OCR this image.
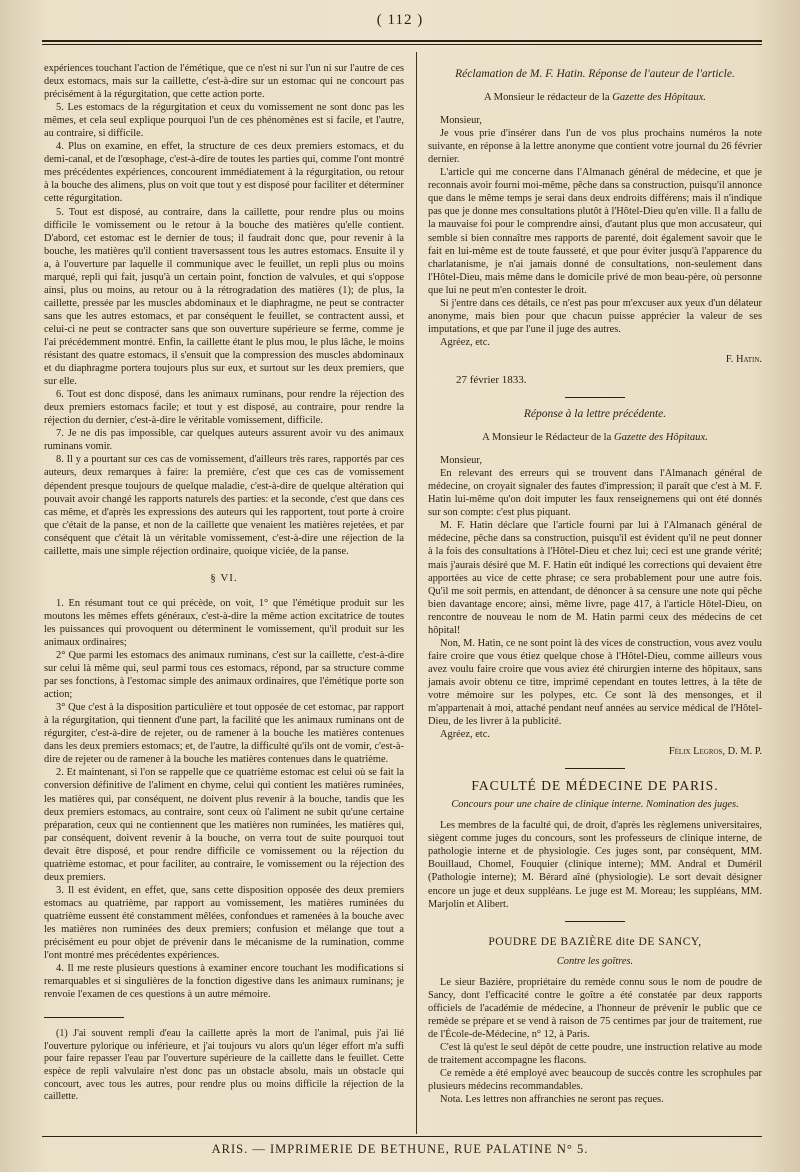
( 112 )

expériences touchant l'action de l'émétique, que ce n'est ni sur l'un ni sur l'autre de ces deux estomacs, mais sur la caillette, c'est-à-dire sur un estomac qui ne concourt pas précisément à la régurgitation, que cette action porte.

5. Les estomacs de la régurgitation et ceux du vomissement ne sont donc pas les mêmes, et cela seul explique pourquoi l'un de ces phénomènes est si facile, et l'autre, au contraire, si difficile.

4. Plus on examine, en effet, la structure de ces deux premiers estomacs, et du demi-canal, et de l'œsophage, c'est-à-dire de toutes les parties qui, comme l'ont montré mes précédentes expériences, concourent immédiatement à la régurgitation, ou retour à la bouche des alimens, plus on voit que tout y est disposé pour faciliter et déterminer cette régurgitation.

5. Tout est disposé, au contraire, dans la caillette, pour rendre plus ou moins difficile le vomissement ou le retour à la bouche des matières qu'elle contient. D'abord, cet estomac est le dernier de tous; il faudrait donc que, pour revenir à la bouche, les matières qu'il contient traversassent tous les autres estomacs. Ensuite il y a, à l'ouverture par laquelle il communique avec le feuillet, un repli plus ou moins marqué, repli qui fait, jusqu'à un certain point, fonction de valvules, et qui s'oppose ainsi, plus ou moins, au retour ou à la rétrogradation des matières (1); de plus, la caillette, pressée par les muscles abdominaux et le diaphragme, ne peut se contracter sans que les autres estomacs, et par conséquent le feuillet, se contractent aussi, et celui-ci ne peut se contracter sans que son ouverture supérieure se ferme, comme je l'ai précédemment montré. Enfin, la caillette étant le plus mou, le plus lâche, le moins résistant des quatre estomacs, il s'ensuit que la compression des muscles abdominaux et du diaphragme portera toujours plus sur eux, et surtout sur les deux premiers, que sur elle.

6. Tout est donc disposé, dans les animaux ruminans, pour rendre la réjection des deux premiers estomacs facile; et tout y est disposé, au contraire, pour rendre la réjection du dernier, c'est-à-dire le véritable vomissement, difficile.

7. Je ne dis pas impossible, car quelques auteurs assurent avoir vu des animaux ruminans vomir.

8. Il y a pourtant sur ces cas de vomissement, d'ailleurs très rares, rapportés par ces auteurs, deux remarques à faire: la première, c'est que ces cas de vomissement dépendent presque toujours de quelque maladie, c'est-à-dire de quelque altération qui pouvait avoir changé les rapports naturels des parties: et la seconde, c'est que dans ces cas même, et d'après les expressions des auteurs qui les rapportent, tout porte à croire que c'était de la panse, et non de la caillette que venaient les matières rejetées, et par conséquent que c'était là un véritable vomissement, c'est-à-dire une réjection de la caillette, mais une simple réjection ordinaire, quoique viciée, de la panse.

§ VI.

1. En résumant tout ce qui précède, on voit, 1° que l'émétique produit sur les moutons les mêmes effets généraux, c'est-à-dire la même action excitatrice de toutes les puissances qui provoquent ou déterminent le vomissement, qu'il produit sur les animaux ordinaires;

2° Que parmi les estomacs des animaux ruminans, c'est sur la caillette, c'est-à-dire sur celui là même qui, seul parmi tous ces estomacs, répond, par sa structure comme par ses fonctions, à l'estomac simple des animaux ordinaires, que l'émétique porte son action;

3° Que c'est à la disposition particulière et tout opposée de cet estomac, par rapport à la régurgitation, qui tiennent d'une part, la facilité que les animaux ruminans ont de régurgiter, c'est-à-dire de rejeter, ou de ramener à la bouche les matières contenues dans les deux premiers estomacs; et, de l'autre, la difficulté qu'ils ont de vomir, c'est-à-dire de rejeter ou de ramener à la bouche les matières contenues dans le quatrième.

2. Et maintenant, si l'on se rappelle que ce quatrième estomac est celui où se fait la conversion définitive de l'aliment en chyme, celui qui contient les matières ruminées, les matières qui, par conséquent, ne doivent plus revenir à la bouche, tandis que les deux premiers estomacs, au contraire, sont ceux où l'aliment ne subit qu'une certaine préparation, ceux qui ne contiennent que les matières non ruminées, les matières qui, par conséquent, doivent revenir à la bouche, on verra tout de suite pourquoi tout devait être disposé, et pour rendre difficile ce vomissement ou la réjection du quatrième estomac, et pour faciliter, au contraire, le vomissement ou la réjection des deux premiers.

3. Il est évident, en effet, que, sans cette disposition opposée des deux premiers estomacs au quatrième, par rapport au vomissement, les matières ruminées du quatrième eussent été constamment mêlées, confondues et ramenées à la bouche avec les matières non ruminées des deux premiers; confusion et mélange que tout a précisément eu pour objet de prévenir dans le mécanisme de la rumination, comme l'ont montré mes précédentes expériences.

4. Il me reste plusieurs questions à examiner encore touchant les modifications si remarquables et si singulières de la fonction digestive dans les animaux ruminans; je renvoie l'examen de ces questions à un autre mémoire.

(1) J'ai souvent rempli d'eau la caillette après la mort de l'animal, puis j'ai lié l'ouverture pylorique ou inférieure, et j'ai toujours vu alors qu'un léger effort m'a suffi pour faire repasser l'eau par l'ouverture supérieure de la caillette dans le feuillet. Cette espèce de repli valvulaire n'est donc pas un obstacle absolu, mais un obstacle qui concourt, avec tous les autres, pour rendre plus ou moins difficile la réjection de la caillette.

Réclamation de M. F. Hatin. Réponse de l'auteur de l'article.
A Monsieur le rédacteur de la Gazette des Hôpitaux.

Monsieur,

Je vous prie d'insérer dans l'un de vos plus prochains numéros la note suivante, en réponse à la lettre anonyme que contient votre journal du 26 février dernier.

L'article qui me concerne dans l'Almanach général de médecine, et que je reconnais avoir fourni moi-même, pêche dans sa construction, puisqu'il annonce que dans le même temps je serai dans deux endroits différens; mais il n'indique pas que je donne mes consultations plutôt à l'Hôtel-Dieu qu'en ville. Il a fallu de la mauvaise foi pour le comprendre ainsi, d'autant plus que mon accusateur, qui semble si bien connaître mes rapports de parenté, doit également savoir que le fait en lui-même est de toute fausseté, et que pour éviter jusqu'à l'apparence du charlatanisme, je n'ai jamais donné de consultations, non-seulement dans l'Hôtel-Dieu, mais même dans le domicile privé de mon beau-père, où personne que lui ne peut m'en contester le droit.

Si j'entre dans ces détails, ce n'est pas pour m'excuser aux yeux d'un délateur anonyme, mais bien pour que chacun puisse apprécier la valeur de ses imputations, et que par l'une il juge des autres.

Agréez, etc.

F. Hatin.
27 février 1833.
Réponse à la lettre précédente.
A Monsieur le Rédacteur de la Gazette des Hôpitaux.

Monsieur,

En relevant des erreurs qui se trouvent dans l'Almanach général de médecine, on croyait signaler des fautes d'impression; il paraît que c'est à M. F. Hatin lui-même qu'on doit imputer les faux renseignemens qui ont été donnés sur son compte: c'est plus piquant.

M. F. Hatin déclare que l'article fourni par lui à l'Almanach général de médecine, pêche dans sa construction, puisqu'il est évident qu'il ne peut donner à la fois des consultations à l'Hôtel-Dieu et chez lui; ceci est une grande vérité; mais j'aurais désiré que M. F. Hatin eût indiqué les corrections qui devaient être apportées au vice de cette phrase; ce sera probablement pour une autre fois. Qu'il me soit permis, en attendant, de dénoncer à sa censure une note qui pêche bien davantage encore; ainsi, même livre, page 417, à l'article Hôtel-Dieu, on rencontre de nouveau le nom de M. Hatin parmi ceux des médecins de cet hôpital!

Non, M. Hatin, ce ne sont point là des vices de construction, vous avez voulu faire croire que vous étiez quelque chose à l'Hôtel-Dieu, comme ailleurs vous avez voulu faire croire que vous aviez été chirurgien interne des hôpitaux, sans jamais avoir obtenu ce titre, imprimé cependant en toutes lettres, à la tête de votre mémoire sur les polypes, etc. Ce sont là des mensonges, et il m'appartenait à moi, attaché pendant neuf années au service médical de l'Hôtel-Dieu, de les livrer à la publicité.

Agréez, etc.

Félix Legros, D. M. P.
FACULTÉ DE MÉDECINE DE PARIS.
Concours pour une chaire de clinique interne. Nomination des juges.

Les membres de la faculté qui, de droit, d'après les règlemens universitaires, siègent comme juges du concours, sont les professeurs de clinique interne, de pathologie interne et de physiologie. Ces juges sont, par conséquent, MM. Bouillaud, Chomel, Fouquier (clinique interne); MM. Andral et Duméril (Pathologie interne); M. Bérard aîné (physiologie). Le sort devait désigner encore un juge et deux suppléans. Le juge est M. Moreau; les suppléans, MM. Marjolin et Alibert.

POUDRE DE BAZIÈRE dite DE SANCY,
Contre les goîtres.

Le sieur Bazière, propriétaire du remède connu sous le nom de poudre de Sancy, dont l'efficacité contre le goître a été constatée par deux rapports officiels de l'académie de médecine, a l'honneur de prévenir le public que ce remède se prépare et se vend à raison de 75 centimes par jour de traitement, rue de l'École-de-Médecine, n° 12, à Paris.

C'est là qu'est le seul dépôt de cette poudre, une instruction relative au mode de traitement accompagne les flacons.

Ce remède a été employé avec beaucoup de succès contre les scrophules par plusieurs médecins recommandables.

Nota. Les lettres non affranchies ne seront pas reçues.

ARIS. — IMPRIMERIE DE BETHUNE, RUE PALATINE N° 5.
